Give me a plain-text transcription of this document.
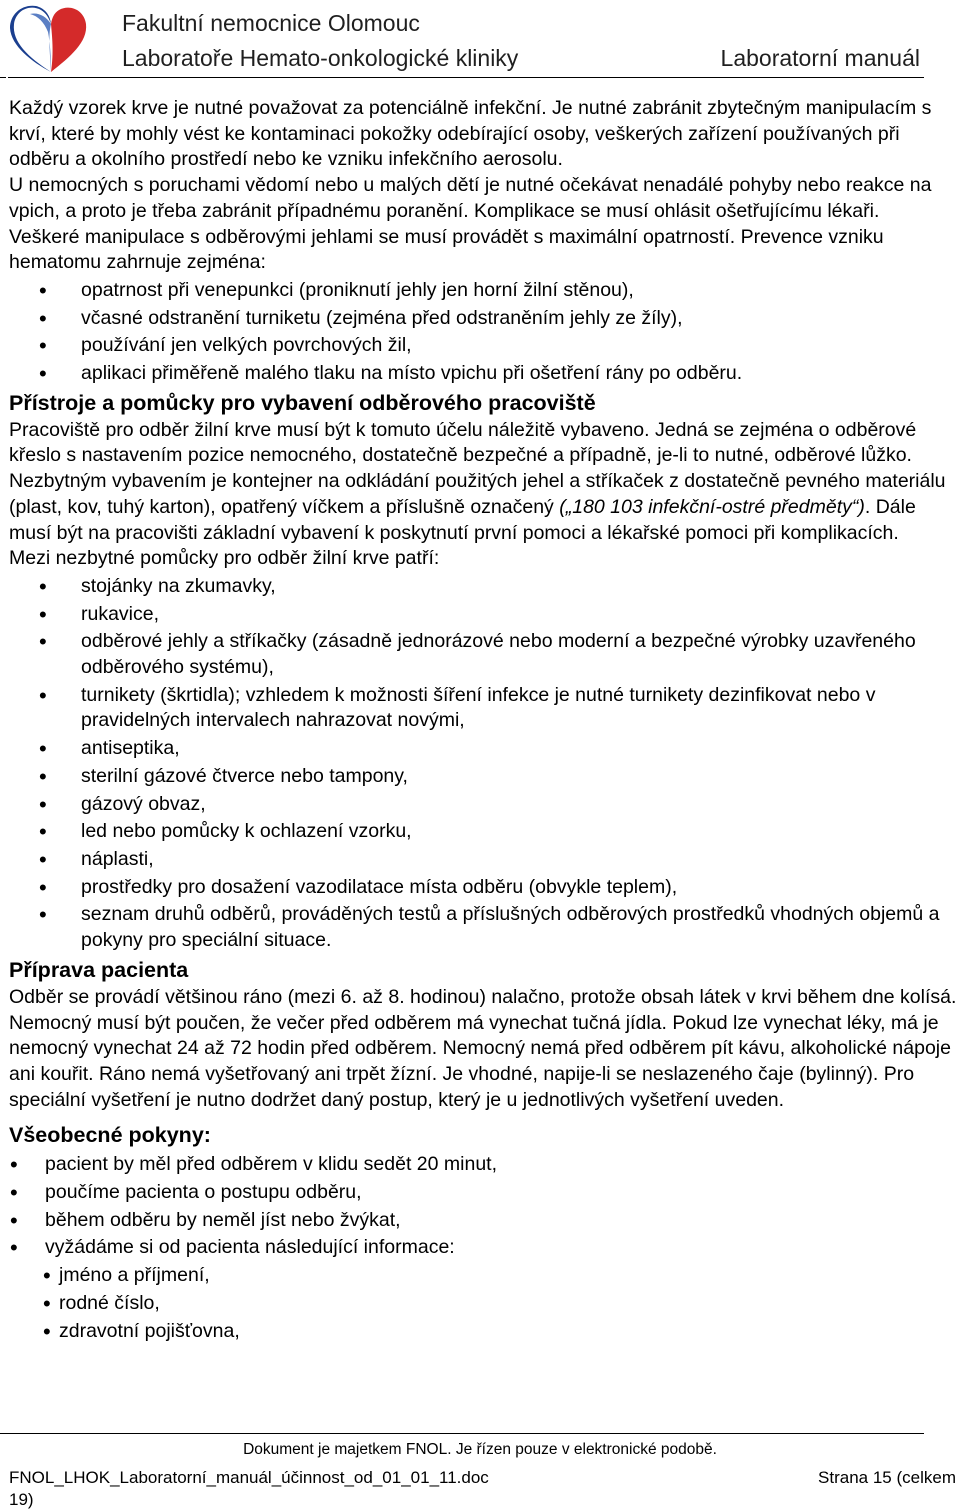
Fakultní nemocnice Olomouc
Laboratoře Hemato-onkologické kliniky	Laboratorní manuál

Každý vzorek krve je nutné považovat za potenciálně infekční. Je nutné zabránit zbytečným manipulacím s krví, které by mohly vést ke kontaminaci pokožky odebírající osoby, veškerých zařízení používaných při odběru a okolního prostředí nebo ke vzniku infekčního aerosolu.

U nemocných s poruchami vědomí nebo u malých dětí je nutné očekávat nenadálé pohyby nebo reakce na vpich, a proto je třeba zabránit případnému poranění. Komplikace se musí ohlásit ošetřujícímu lékaři.

Veškeré manipulace s odběrovými jehlami se musí provádět s maximální opatrností. Prevence vzniku hematomu zahrnuje zejména:

• opatrnost při venepunkci (proniknutí jehly jen horní žilní stěnou),
• včasné odstranění turniketu (zejména před odstraněním jehly ze žíly),
• používání jen velkých povrchových žil,
• aplikaci přiměřeně malého tlaku na místo vpichu při ošetření rány po odběru.

Přístroje a pomůcky pro vybavení odběrového pracoviště

Pracoviště pro odběr žilní krve musí být k tomuto účelu náležitě vybaveno. Jedná se zejména o odběrové křeslo s nastavením pozice nemocného, dostatečně bezpečné a případně, je-li to nutné, odběrové lůžko. Nezbytným vybavením je kontejner na odkládání použitých jehel a stříkaček z dostatečně pevného materiálu (plast, kov, tuhý karton), opatřený víčkem a příslušně označený („180 103 infekční-ostré předměty“). Dále musí být na pracovišti základní vybavení k poskytnutí první pomoci a lékařské pomoci při komplikacích.

Mezi nezbytné pomůcky pro odběr žilní krve patří:

• stojánky na zkumavky,
• rukavice,
• odběrové jehly a stříkačky (zásadně jednorázové nebo moderní a bezpečné výrobky uzavřeného odběrového systému),
• turnikety (škrtidla); vzhledem k možnosti šíření infekce je nutné turnikety dezinfikovat nebo v pravidelných intervalech nahrazovat novými,
• antiseptika,
• sterilní gázové čtverce nebo tampony,
• gázový obvaz,
• led nebo pomůcky k ochlazení vzorku,
• náplasti,
• prostředky pro dosažení vazodilatace místa odběru (obvykle teplem),
• seznam druhů odběrů, prováděných testů a příslušných odběrových prostředků vhodných objemů a pokyny pro speciální situace.

Příprava pacienta

Odběr se provádí většinou ráno (mezi 6. až 8. hodinou) nalačno, protože obsah látek v krvi během dne kolísá. Nemocný musí být poučen, že večer před odběrem má vynechat tučná jídla. Pokud lze vynechat léky, má je nemocný vynechat 24 až 72 hodin před odběrem. Nemocný nemá před odběrem pít kávu, alkoholické nápoje ani kouřit. Ráno nemá vyšetřovaný ani trpět žízní. Je vhodné, napije-li se neslazeného čaje (bylinný). Pro speciální vyšetření je nutno dodržet daný postup, který je u jednotlivých vyšetření uveden.

Všeobecné pokyny:

• pacient by měl před odběrem v klidu sedět 20 minut,
• poučíme pacienta o postupu odběru,
• během odběru by neměl jíst nebo žvýkat,
• vyžádáme si od pacienta následující informace:
• jméno a příjmení,
• rodné číslo,
• zdravotní pojišťovna,
Dokument je majetkem FNOL. Je řízen pouze v elektronické podobě.
FNOL_LHOK_Laboratorní_manuál_účinnost_od_01_01_11.doc	Strana 15 (celkem
19)
